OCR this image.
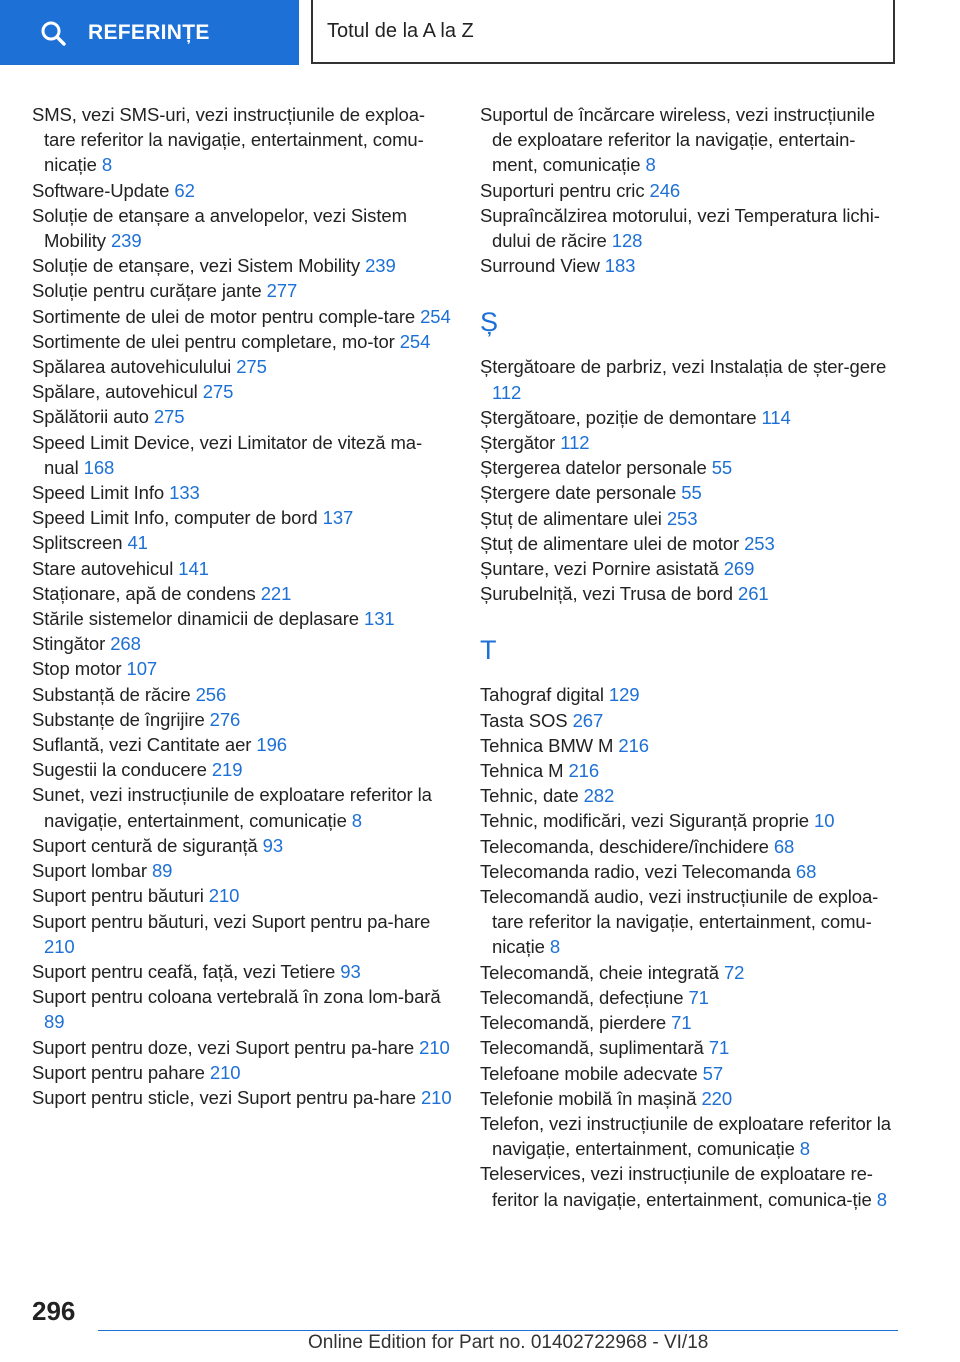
REFERINȚE	Totul de la A la Z
SMS, vezi SMS-uri, vezi instrucțiunile de exploa-tare referitor la navigație, entertainment, comu-nicație 8
Software-Update 62
Soluție de etanșare a anvelopelor, vezi Sistem Mobility 239
Soluție de etanșare, vezi Sistem Mobility 239
Soluție pentru curățare jante 277
Sortimente de ulei de motor pentru comple-tare 254
Sortimente de ulei pentru completare, mo-tor 254
Spălarea autovehiculului 275
Spălare, autovehicul 275
Spălătorii auto 275
Speed Limit Device, vezi Limitator de viteză ma-nual 168
Speed Limit Info 133
Speed Limit Info, computer de bord 137
Splitscreen 41
Stare autovehicul 141
Staționare, apă de condens 221
Stările sistemelor dinamicii de deplasare 131
Stingător 268
Stop motor 107
Substanță de răcire 256
Substanțe de îngrijire 276
Suflantă, vezi Cantitate aer 196
Sugestii la conducere 219
Sunet, vezi instrucțiunile de exploatare referitor la navigație, entertainment, comunicație 8
Suport centură de siguranță 93
Suport lombar 89
Suport pentru băuturi 210
Suport pentru băuturi, vezi Suport pentru pa-hare 210
Suport pentru ceafă, față, vezi Tetiere 93
Suport pentru coloana vertebrală în zona lom-bară 89
Suport pentru doze, vezi Suport pentru pa-hare 210
Suport pentru pahare 210
Suport pentru sticle, vezi Suport pentru pa-hare 210
Suportul de încărcare wireless, vezi instrucțiunile de exploatare referitor la navigație, entertain-ment, comunicație 8
Suporturi pentru cric 246
Supraîncălzirea motorului, vezi Temperatura lichi-dului de răcire 128
Surround View 183
Ș
Ștergătoare de parbriz, vezi Instalația de șter-gere 112
Ștergătoare, poziție de demontare 114
Ștergător 112
Ștergerea datelor personale 55
Ștergere date personale 55
Ștuț de alimentare ulei 253
Ștuț de alimentare ulei de motor 253
Șuntare, vezi Pornire asistată 269
Șurubelniță, vezi Trusa de bord 261
T
Tahograf digital 129
Tasta SOS 267
Tehnica BMW M 216
Tehnica M 216
Tehnic, date 282
Tehnic, modificări, vezi Siguranță proprie 10
Telecomanda, deschidere/închidere 68
Telecomanda radio, vezi Telecomanda 68
Telecomandă audio, vezi instrucțiunile de exploa-tare referitor la navigație, entertainment, comu-nicație 8
Telecomandă, cheie integrată 72
Telecomandă, defecțiune 71
Telecomandă, pierdere 71
Telecomandă, suplimentară 71
Telefoane mobile adecvate 57
Telefonie mobilă în mașină 220
Telefon, vezi instrucțiunile de exploatare referitor la navigație, entertainment, comunicație 8
Teleservices, vezi instrucțiunile de exploatare re-feritor la navigație, entertainment, comunica-ție 8
296
Online Edition for Part no. 01402722968 - VI/18
